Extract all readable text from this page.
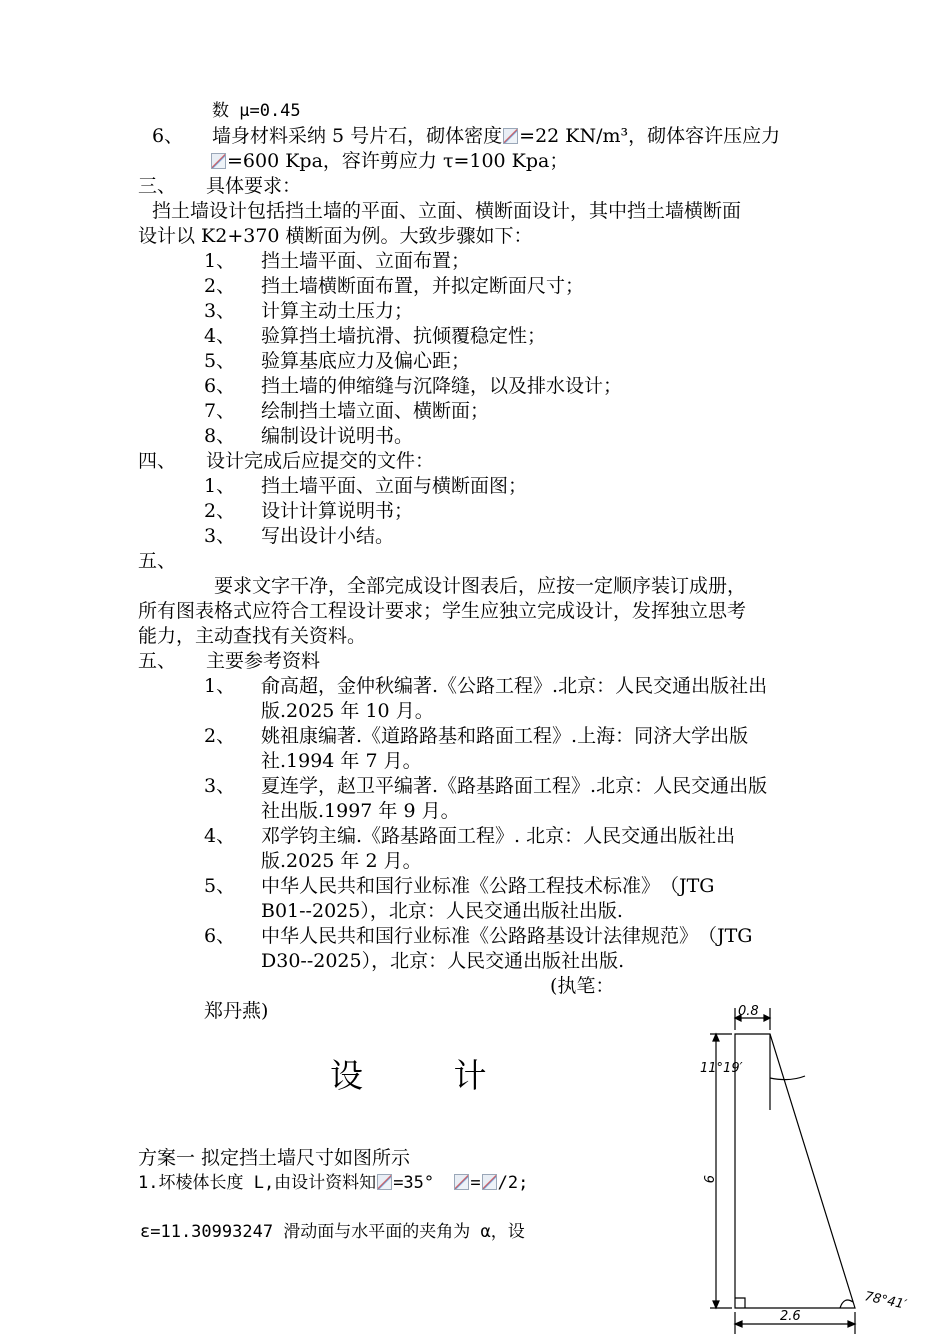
数 μ=0.45
6、 墙身材料采纳 5 号片石，砌体密度 =22 KN/m³，砌体容许压应力
=600 Kpa，容许剪应力 τ=100 Kpa；
三、 具体要求：
挡土墙设计包括挡土墙的平面、立面、横断面设计，其中挡土墙横断面
设计以 K2+370 横断面为例。大致步骤如下：
1、 挡土墙平面、立面布置；
2、 挡土墙横断面布置，并拟定断面尺寸；
3、 计算主动土压力；
4、 验算挡土墙抗滑、抗倾覆稳定性；
5、 验算基底应力及偏心距；
6、 挡土墙的伸缩缝与沉降缝，以及排水设计；
7、 绘制挡土墙立面、横断面；
8、 编制设计说明书。
四、 设计完成后应提交的文件：
1、 挡土墙平面、立面与横断面图；
2、 设计计算说明书；
3、 写出设计小结。
五、
要求文字干净，全部完成设计图表后，应按一定顺序装订成册，
所有图表格式应符合工程设计要求；学生应独立完成设计，发挥独立思考
能力，主动查找有关资料。
五、 主要参考资料
1、 俞高超，金仲秋编著.《公路工程》.北京：人民交通出版社出
版.2025 年 10 月。
2、 姚祖康编著.《道路路基和路面工程》.上海：同济大学出版
社.1994 年 7 月。
3、 夏连学，赵卫平编著.《路基路面工程》.北京：人民交通出版
社出版.1997 年 9 月。
4、 邓学钧主编.《路基路面工程》. 北京：人民交通出版社出
版.2025 年 2 月。
5、 中华人民共和国行业标准《公路工程技术标准》　（JTG
B01--2025），北京：人民交通出版社出版.
6、 中华人民共和国行业标准《公路路基设计法律规范》　（JTG
D30--2025），北京：人民交通出版社出版.
(执笔：
郑丹燕)
设 计
方案一 拟定挡土墙尺寸如图所示
1.坏棱体长度 L,由设计资料知 =35° = /2;
ε=11.30993247 滑动面与水平面的夹角为 α，设
0.8
11°19′
9
2.6
78°41′
